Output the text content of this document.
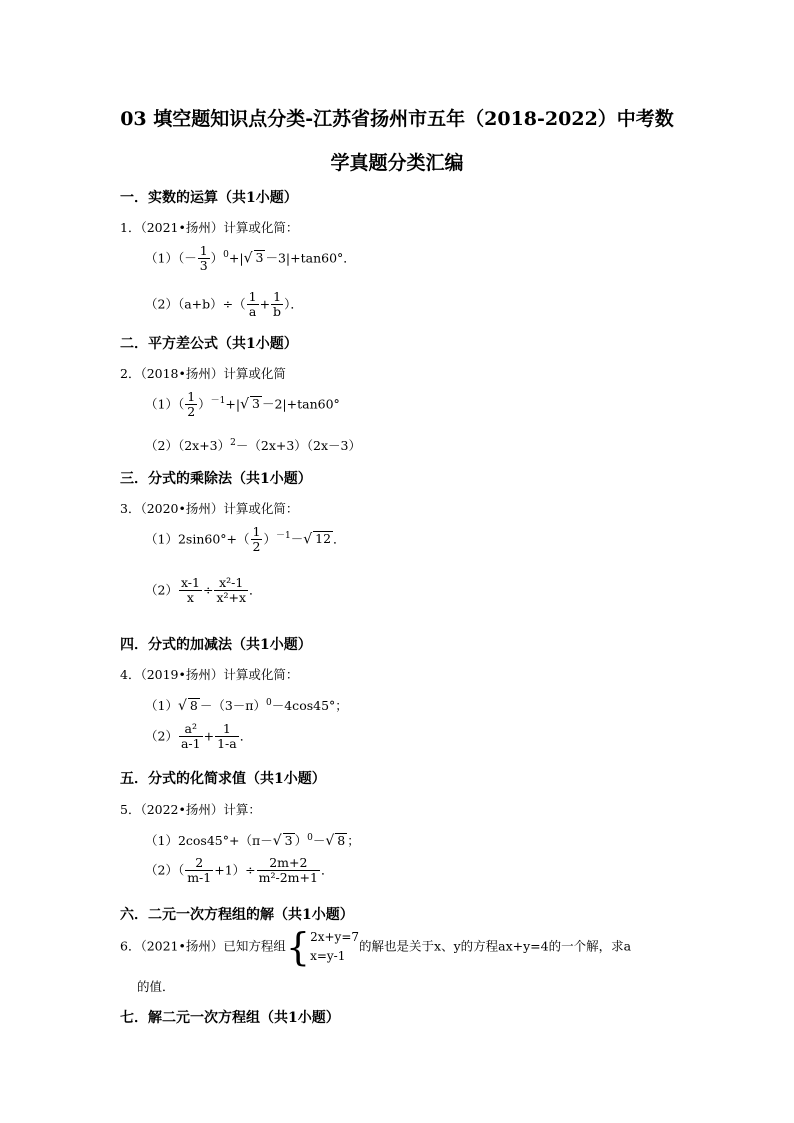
03 填空题知识点分类-江苏省扬州市五年（2018-2022）中考数
学真题分类汇编
一．实数的运算（共1小题）
1．（2021•扬州）计算或化简：
$(1)(- \frac{1}{3} )^0+|√$ 3 －3|+tan60°．
$(2)(a+b)\div( \frac{1}{a} + \frac{1}{b}$ ）．
二．平方差公式（共1小题）
2．（2018•扬州）计算或化简
$(1)( \frac{1}{2} )^{-1}+|√$ 3 －2|+tan60°
$(2)(2x+3)^2-(2x+3)(2x-3)$
三．分式的乘除法（共1小题）
3．（2020•扬州）计算或化简：
$(1)2\sin 60^\circ+( \frac{1}{2} )^{-1}-√$ 12 ．
$(2) \frac{x-1}{x} \div \frac{\text{x²-1}}{\text{x²+x}}$ ．
四．分式的加减法（共1小题）
4．（2019•扬州）计算或化简：
（1）√ $8 -(3-\pi)^0-4\cos 45^\circ$；
$(2) \frac{\text{a²}}{a-1} + \frac{1}{1-a}$ ．
五．分式的化简求值（共1小题）
5．（2022•扬州）计算：
（1）2cos45°+（π－√ 3 ）$^0$－√ 8 ；
$(2)( \frac{2}{m-1} +1)\div \frac{2m+2}{\text{m²-2m+1}}$ ．
六．二元一次方程组的解（共1小题）
6．（2021•扬州）已知方程组{ 2x+y=7
x=y-1
的解也是关于x、y的方程ax+y=4的一个解，求a
的值．
七．解二元一次方程组（共1小题）
